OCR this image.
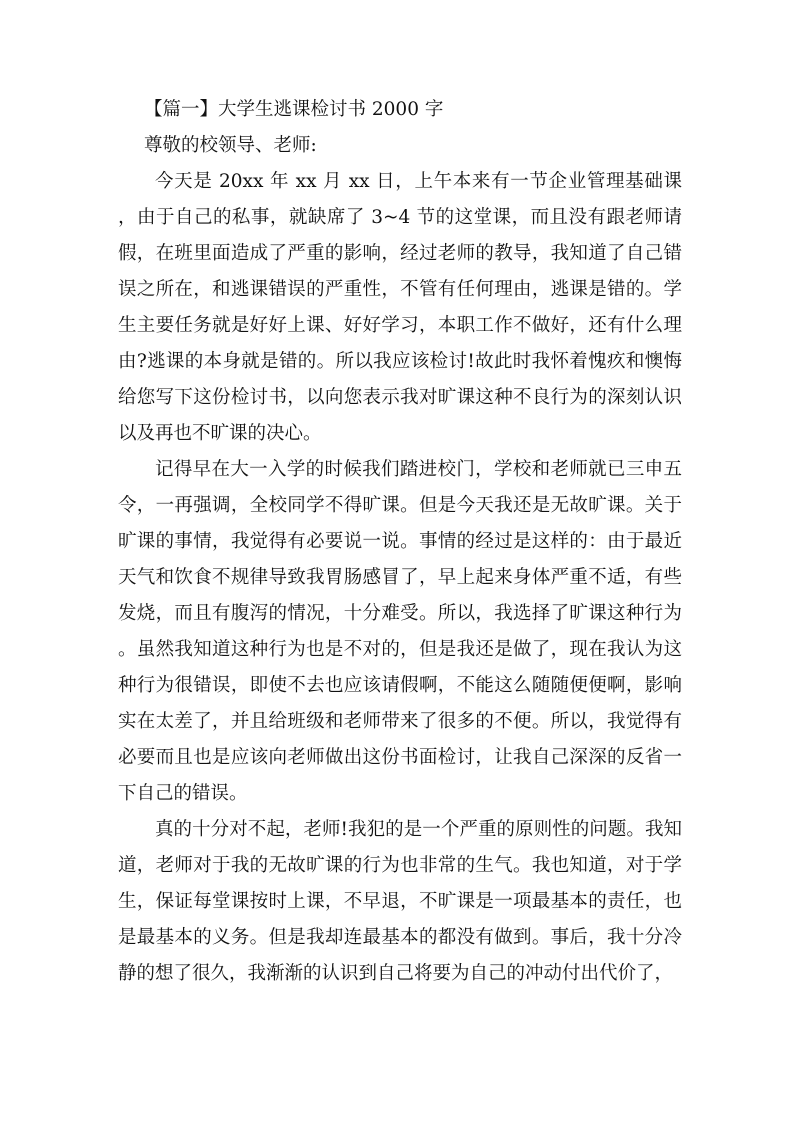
【篇一】大学生逃课检讨书 2000 字

尊敬的校领导、老师:

今天是 20xx 年 xx 月 xx 日，上午本来有一节企业管理基础课，由于自己的私事，就缺席了 3~4 节的这堂课，而且没有跟老师请假，在班里面造成了严重的影响，经过老师的教导，我知道了自己错误之所在，和逃课错误的严重性，不管有任何理由，逃课是错的。学生主要任务就是好好上课、好好学习，本职工作不做好，还有什么理由?逃课的本身就是错的。所以我应该检讨!故此时我怀着愧疚和懊悔给您写下这份检讨书，以向您表示我对旷课这种不良行为的深刻认识以及再也不旷课的决心。

记得早在大一入学的时候我们踏进校门，学校和老师就已三申五令，一再强调，全校同学不得旷课。但是今天我还是无故旷课。关于旷课的事情，我觉得有必要说一说。事情的经过是这样的：由于最近天气和饮食不规律导致我胃肠感冒了，早上起来身体严重不适，有些发烧，而且有腹泻的情况，十分难受。所以，我选择了旷课这种行为。虽然我知道这种行为也是不对的，但是我还是做了，现在我认为这种行为很错误，即使不去也应该请假啊，不能这么随随便便啊，影响实在太差了，并且给班级和老师带来了很多的不便。所以，我觉得有必要而且也是应该向老师做出这份书面检讨，让我自己深深的反省一下自己的错误。

真的十分对不起，老师!我犯的是一个严重的原则性的问题。我知道，老师对于我的无故旷课的行为也非常的生气。我也知道，对于学生，保证每堂课按时上课，不早退，不旷课是一项最基本的责任，也是最基本的义务。但是我却连最基本的都没有做到。事后，我十分冷静的想了很久，我渐渐的认识到自己将要为自己的冲动付出代价了，
